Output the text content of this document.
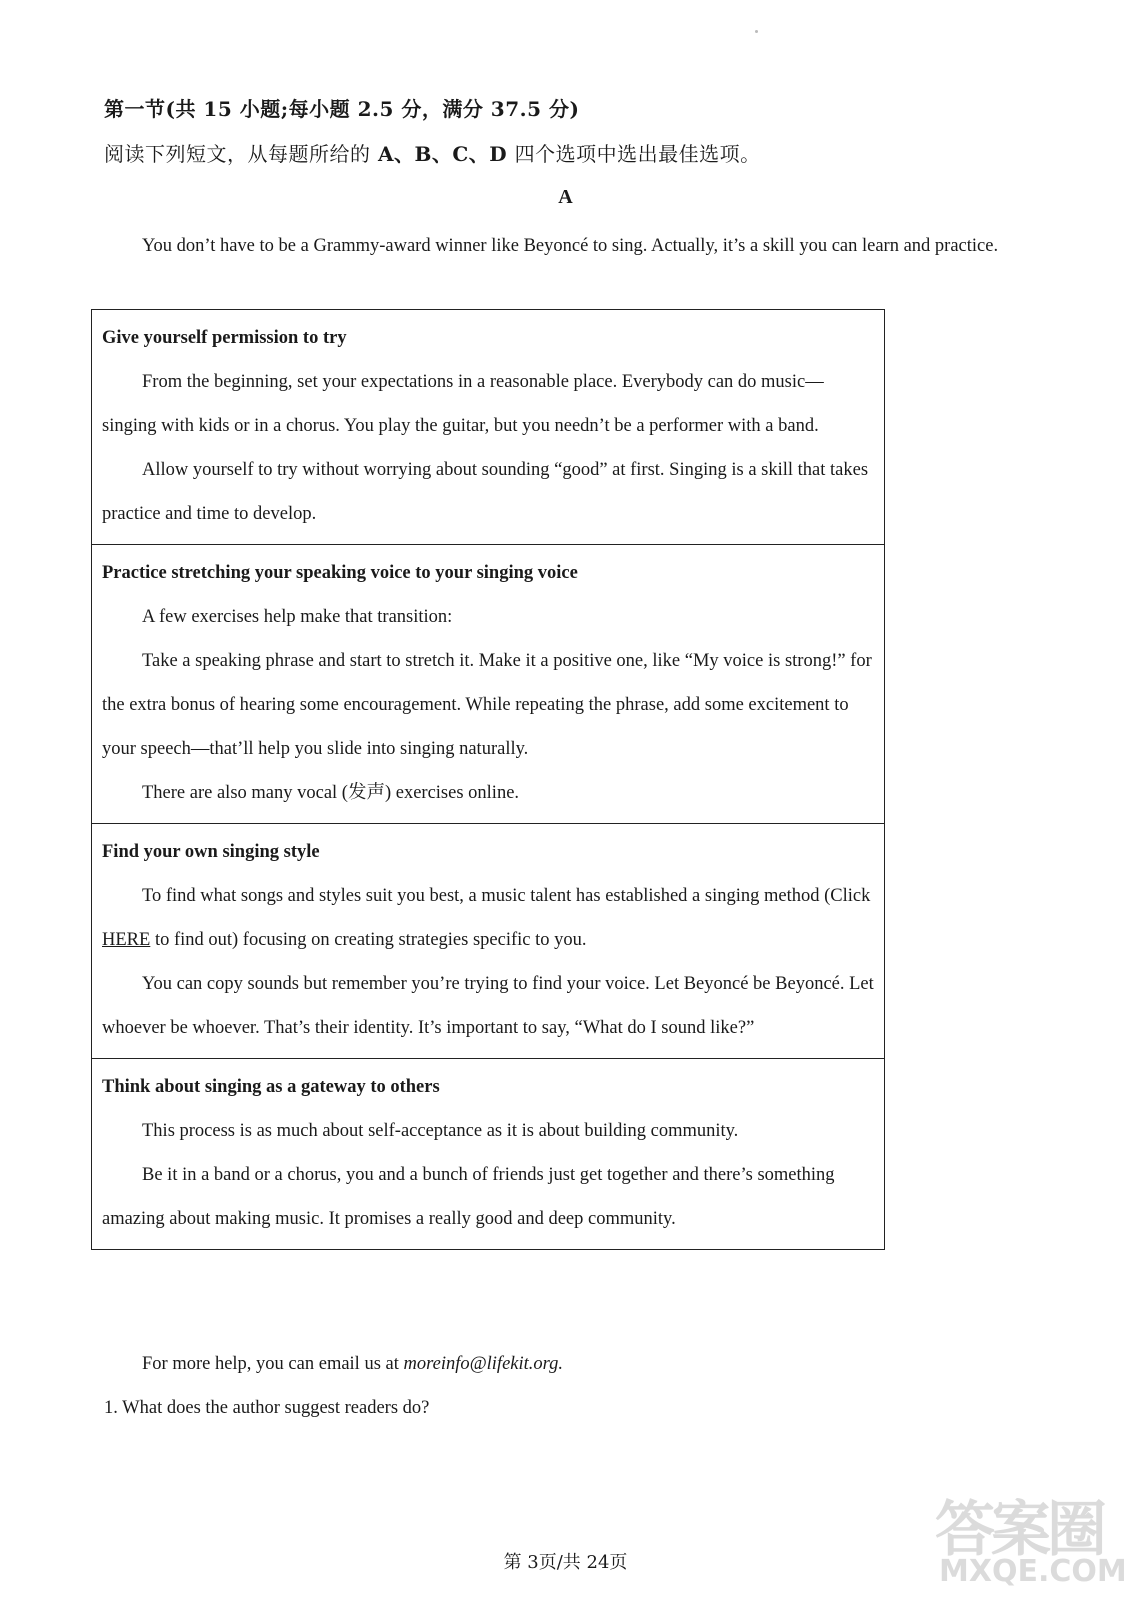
第一节(共 15 小题;每小题 2.5 分，满分 37.5 分)
阅读下列短文，从每题所给的 A、B、C、D 四个选项中选出最佳选项。
A
You don’t have to be a Grammy-award winner like Beyoncé to sing. Actually, it’s a skill you can learn and practice.
Give yourself permission to try

From the beginning, set your expectations in a reasonable place. Everybody can do music—singing with kids or in a chorus. You play the guitar, but you needn’t be a performer with a band.

Allow yourself to try without worrying about sounding “good” at first. Singing is a skill that takes practice and time to develop.

Practice stretching your speaking voice to your singing voice

A few exercises help make that transition:

Take a speaking phrase and start to stretch it. Make it a positive one, like “My voice is strong!” for the extra bonus of hearing some encouragement. While repeating the phrase, add some excitement to your speech—that’ll help you slide into singing naturally.

There are also many vocal (发声) exercises online.

Find your own singing style

To find what songs and styles suit you best, a music talent has established a singing method (Click HERE to find out) focusing on creating strategies specific to you.

You can copy sounds but remember you’re trying to find your voice. Let Beyoncé be Beyoncé. Let whoever be whoever. That’s their identity. It’s important to say, “What do I sound like?”

Think about singing as a gateway to others

This process is as much about self-acceptance as it is about building community.

Be it in a band or a chorus, you and a bunch of friends just get together and there’s something amazing about making music. It promises a really good and deep community.

For more help, you can email us at moreinfo@lifekit.org.
1. What does the author suggest readers do?
第 3页/共 24页	答案圈
MXQE.COM
